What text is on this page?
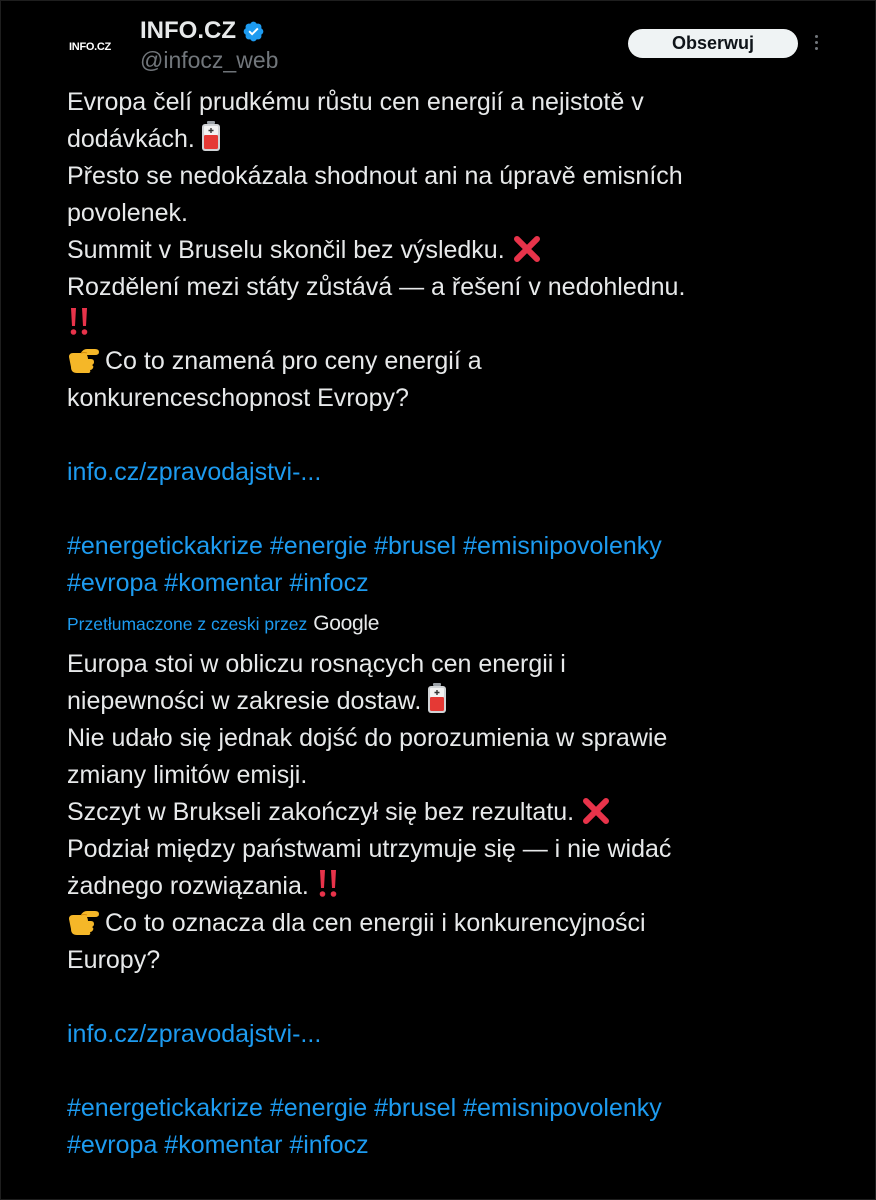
INFO.CZ
INFO.CZ
@infocz_web
Obserwuj

Evropa čelí prudkému růstu cen energií a nejistotě v

dodávkách.

Přesto se nedokázala shodnout ani na úpravě emisních

povolenek.

Summit v Bruselu skončil bez výsledku.

Rozdělení mezi státy zůstává — a řešení v nedohlednu.

Co to znamená pro ceny energií a

konkurenceschopnost Evropy?

info.cz/zpravodajstvi-...

#energetickakrize #energie #brusel #emisnipovolenky

#evropa #komentar #infocz

Przetłumaczone z czeski przez Google

Europa stoi w obliczu rosnących cen energii i

niepewności w zakresie dostaw.

Nie udało się jednak dojść do porozumienia w sprawie

zmiany limitów emisji.

Szczyt w Brukseli zakończył się bez rezultatu.

Podział między państwami utrzymuje się — i nie widać

żadnego rozwiązania.

Co to oznacza dla cen energii i konkurencyjności

Europy?

info.cz/zpravodajstvi-...

#energetickakrize #energie #brusel #emisnipovolenky

#evropa #komentar #infocz
